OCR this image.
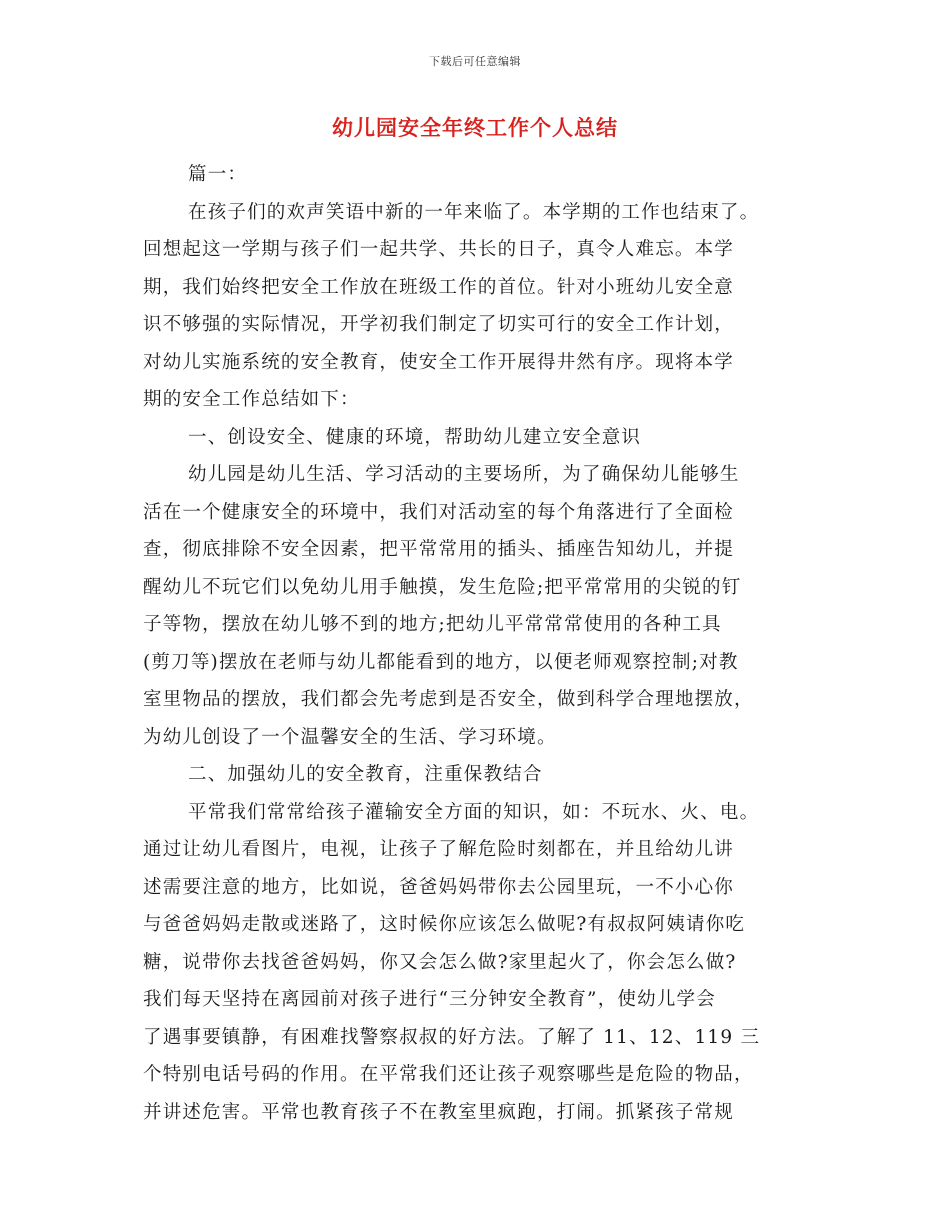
下载后可任意编辑
幼儿园安全年终工作个人总结
篇一：
在孩子们的欢声笑语中新的一年来临了。本学期的工作也结束了。
回想起这一学期与孩子们一起共学、共长的日子，真令人难忘。本学
期，我们始终把安全工作放在班级工作的首位。针对小班幼儿安全意
识不够强的实际情况，开学初我们制定了切实可行的安全工作计划，
对幼儿实施系统的安全教育，使安全工作开展得井然有序。现将本学
期的安全工作总结如下：
一、创设安全、健康的环境，帮助幼儿建立安全意识
幼儿园是幼儿生活、学习活动的主要场所，为了确保幼儿能够生
活在一个健康安全的环境中，我们对活动室的每个角落进行了全面检
查，彻底排除不安全因素，把平常常用的插头、插座告知幼儿，并提
醒幼儿不玩它们以免幼儿用手触摸，发生危险;把平常常用的尖锐的钉
子等物，摆放在幼儿够不到的地方;把幼儿平常常常使用的各种工具
(剪刀等)摆放在老师与幼儿都能看到的地方，以便老师观察控制;对教
室里物品的摆放，我们都会先考虑到是否安全，做到科学合理地摆放，
为幼儿创设了一个温馨安全的生活、学习环境。
二、加强幼儿的安全教育，注重保教结合
平常我们常常给孩子灌输安全方面的知识，如：不玩水、火、电。
通过让幼儿看图片，电视，让孩子了解危险时刻都在，并且给幼儿讲
述需要注意的地方，比如说，爸爸妈妈带你去公园里玩，一不小心你
与爸爸妈妈走散或迷路了，这时候你应该怎么做呢?有叔叔阿姨请你吃
糖，说带你去找爸爸妈妈，你又会怎么做?家里起火了，你会怎么做?
我们每天坚持在离园前对孩子进行“三分钟安全教育”，使幼儿学会
了遇事要镇静，有困难找警察叔叔的好方法。了解了 11、12、119 三
个特别电话号码的作用。在平常我们还让孩子观察哪些是危险的物品，
并讲述危害。平常也教育孩子不在教室里疯跑，打闹。抓紧孩子常规
